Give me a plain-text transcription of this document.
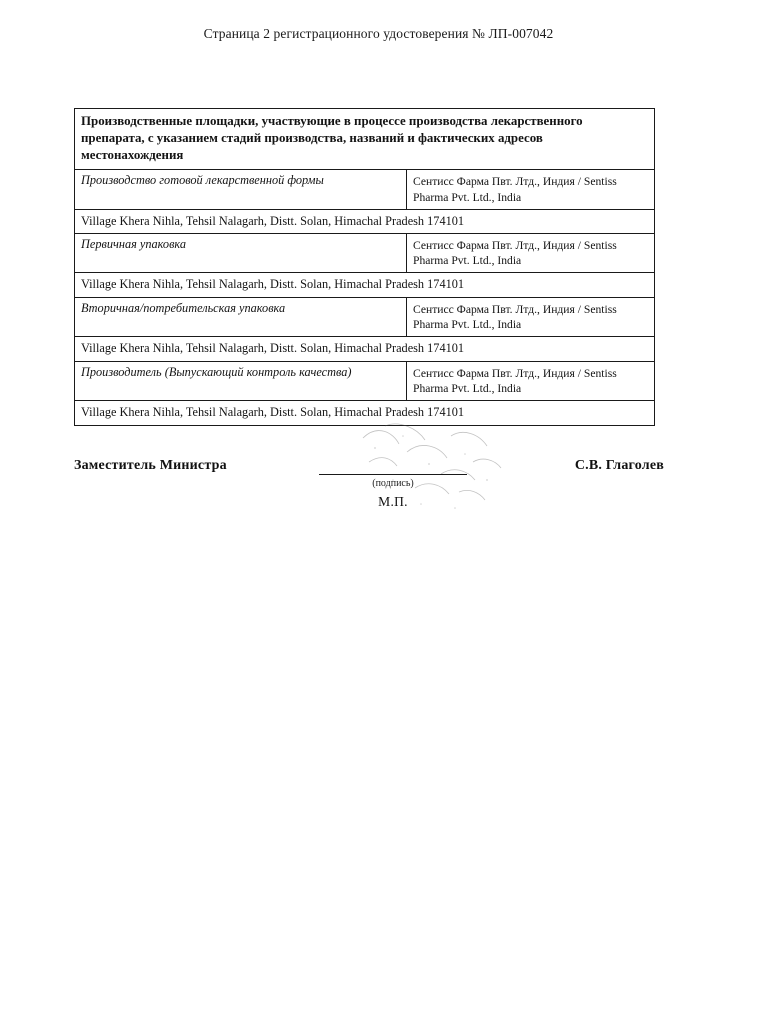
Страница 2 регистрационного удостоверения № ЛП-007042
Производственные площадки, участвующие в процессе производства лекарственного препарата, с указанием стадий производства, названий и фактических адресов местонахождения	
Производство готовой лекарственной формы	Сентисс Фарма Пвт. Лтд., Индия / Sentiss Pharma Pvt. Ltd., India
Village Khera Nihla, Tehsil Nalagarh, Distt. Solan, Himachal Pradesh 174101	
Первичная упаковка	Сентисс Фарма Пвт. Лтд., Индия / Sentiss Pharma Pvt. Ltd., India
Village Khera Nihla, Tehsil Nalagarh, Distt. Solan, Himachal Pradesh 174101	
Вторичная/потребительская упаковка	Сентисс Фарма Пвт. Лтд., Индия / Sentiss Pharma Pvt. Ltd., India
Village Khera Nihla, Tehsil Nalagarh, Distt. Solan, Himachal Pradesh 174101	
Производитель (Выпускающий контроль качества)	Сентисс Фарма Пвт. Лтд., Индия / Sentiss Pharma Pvt. Ltd., India
Village Khera Nihla, Tehsil Nalagarh, Distt. Solan, Himachal Pradesh 174101	
Заместитель Министра
(подпись)
М.П.
С.В. Глаголев
